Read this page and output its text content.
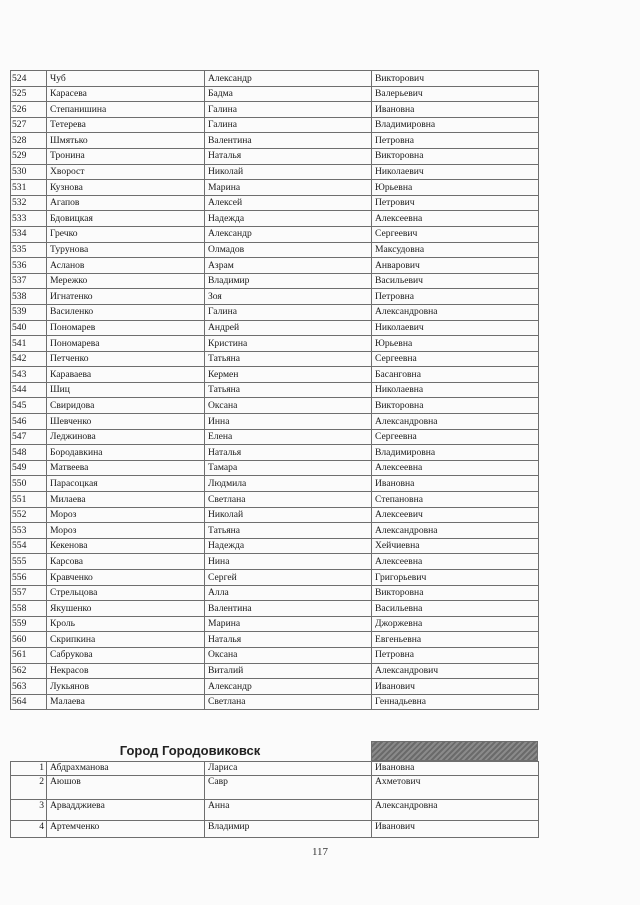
524	Чуб	Александр	Викторович
525	Карасева	Бадма	Валерьевич
526	Степанишина	Галина	Ивановна
527	Тетерева	Галина	Владимировна
528	Шмятько	Валентина	Петровна
529	Тронина	Наталья	Викторовна
530	Хворост	Николай	Николаевич
531	Кузнова	Марина	Юрьевна
532	Агапов	Алексей	Петрович
533	Бдовицкая	Надежда	Алексеевна
534	Гречко	Александр	Сергеевич
535	Турунова	Олмадов	Максудовна
536	Асланов	Азрам	Анварович
537	Мережко	Владимир	Васильевич
538	Игнатенко	Зоя	Петровна
539	Василенко	Галина	Александровна
540	Пономарев	Андрей	Николаевич
541	Пономарева	Кристина	Юрьевна
542	Петченко	Татьяна	Сергеевна
543	Караваева	Кермен	Басанговна
544	Шиц	Татьяна	Николаевна
545	Свиридова	Оксана	Викторовна
546	Шевченко	Инна	Александровна
547	Леджинова	Елена	Сергеевна
548	Бородавкина	Наталья	Владимировна
549	Матвеева	Тамара	Алексеевна
550	Парасоцкая	Людмила	Ивановна
551	Милаева	Светлана	Степановна
552	Мороз	Николай	Алексеевич
553	Мороз	Татьяна	Александровна
554	Кекенова	Надежда	Хейчиевна
555	Карсова	Нина	Алексеевна
556	Кравченко	Сергей	Григорьевич
557	Стрельцова	Алла	Викторовна
558	Якушенко	Валентина	Васильевна
559	Кроль	Марина	Джоржевна
560	Скрипкина	Наталья	Евгеньевна
561	Сабрукова	Оксана	Петровна
562	Некрасов	Виталий	Александрович
563	Лукьянов	Александр	Иванович
564	Малаева	Светлана	Геннадьевна
Город Городовиковск
1	Абдрахманова	Лариса	Ивановна
2	Аюшов	Савр	Ахметович
3	Арвадджиева	Анна	Александровна
4	Артемченко	Владимир	Иванович
117
